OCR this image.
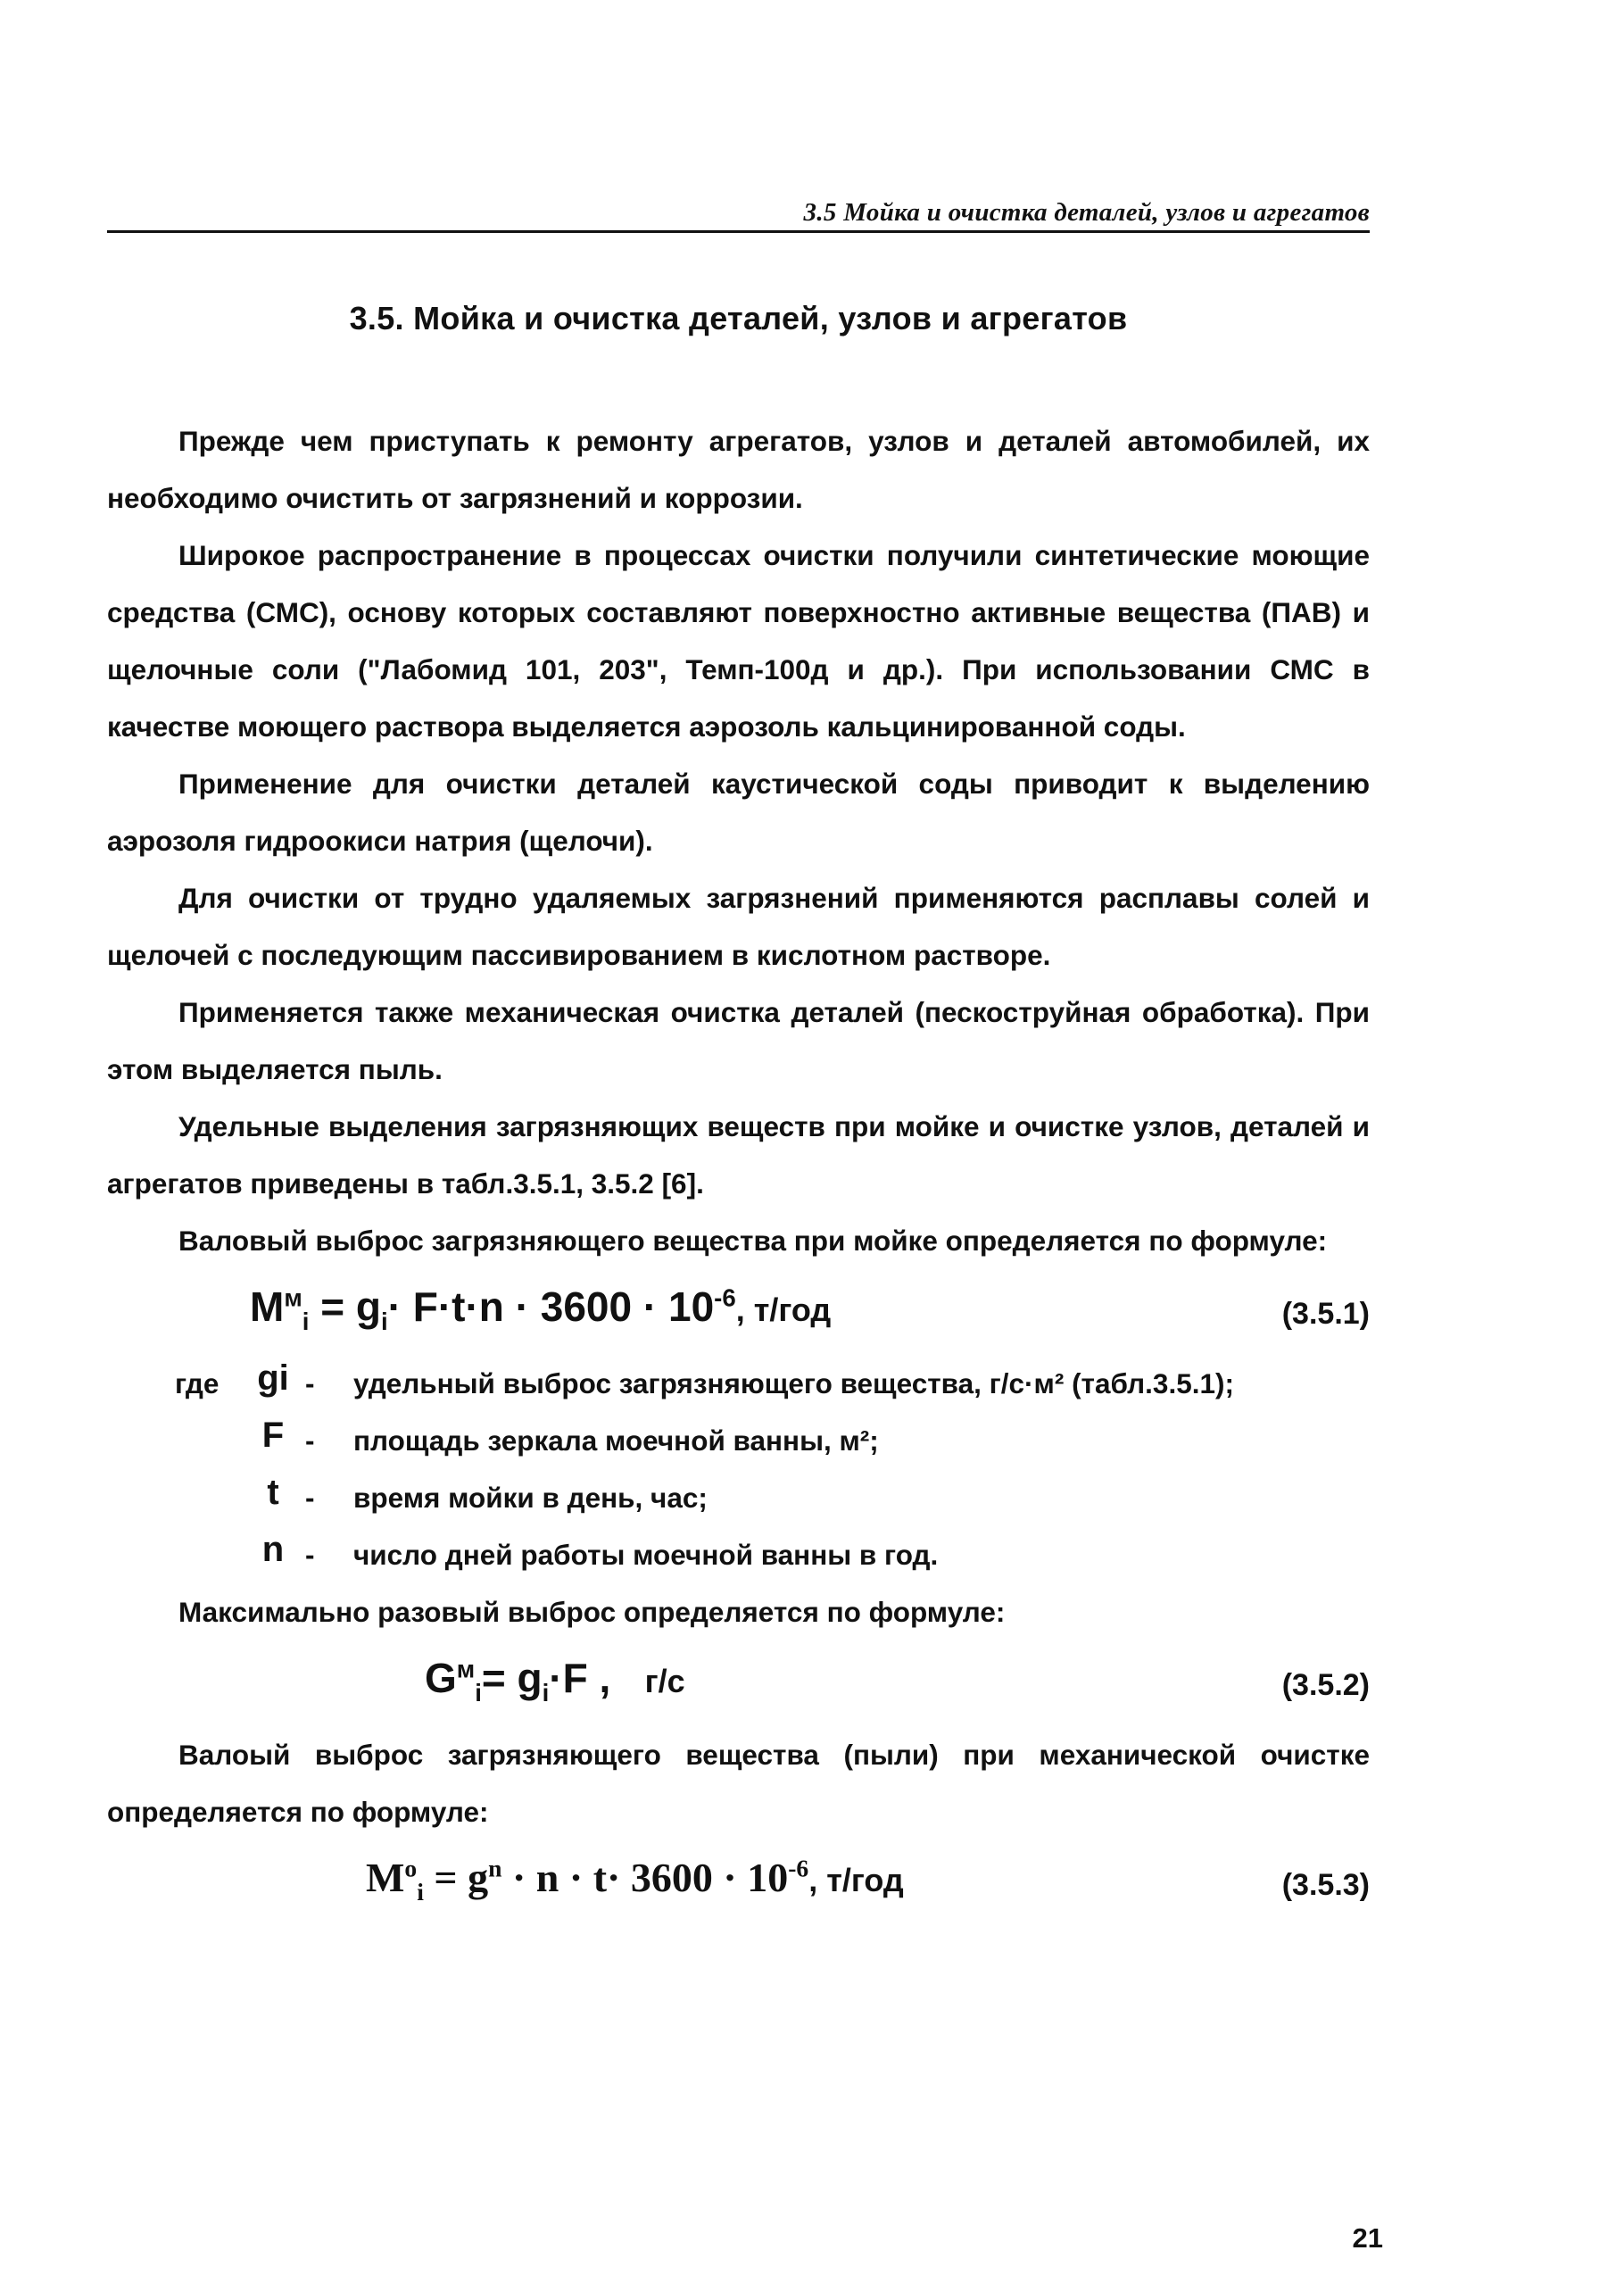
3.5 Мойка и очистка деталей, узлов и агрегатов
3.5. Мойка и очистка деталей, узлов и агрегатов

Прежде чем приступать к ремонту агрегатов, узлов и деталей автомобилей, их необходимо очистить от загрязнений и коррозии.

Широкое распространение в процессах очистки получили синтетические моющие средства (СМС), основу которых составляют поверхностно активные вещества (ПАВ) и щелочные соли ("Лабомид 101, 203", Темп-100д и др.). При использовании СМС в качестве моющего раствора выделяется аэрозоль кальцинированной соды.

Применение для очистки деталей каустической соды приводит к выделению аэрозоля гидроокиси натрия (щелочи).

Для очистки от трудно удаляемых загрязнений применяются расплавы солей и щелочей с последующим пассивированием в кислотном растворе.

Применяется также механическая очистка деталей (пескоструйная обработка). При этом выделяется пыль.

Удельные выделения загрязняющих веществ при мойке и очистке узлов, деталей и агрегатов приведены в табл.3.5.1, 3.5.2 [6].

Валовый выброс загрязняющего вещества при мойке определяется по формуле:

$M^м_i = g_i\cdot F\cdot t\cdot n \cdot 3600 \cdot 10^{-6}$, т/год	(3.5.1)
где	gi - удельный выброс загрязняющего вещества, г/с·м² (табл.3.5.1);
F - площадь зеркала моечной ванны, м²;
t - время мойки в день, час;
n - число дней работы моечной ванны в год.

Максимально разовый выброс определяется по формуле:

$G^м_i= g_i\cdot F$ , г/с	(3.5.2)

Валоый выброс загрязняющего вещества (пыли) при механической очистке определяется по формуле:

$M^о_i = g^n \cdot n \cdot t\cdot 3600 \cdot 10^{-6}$, т/год	(3.5.3)
21
